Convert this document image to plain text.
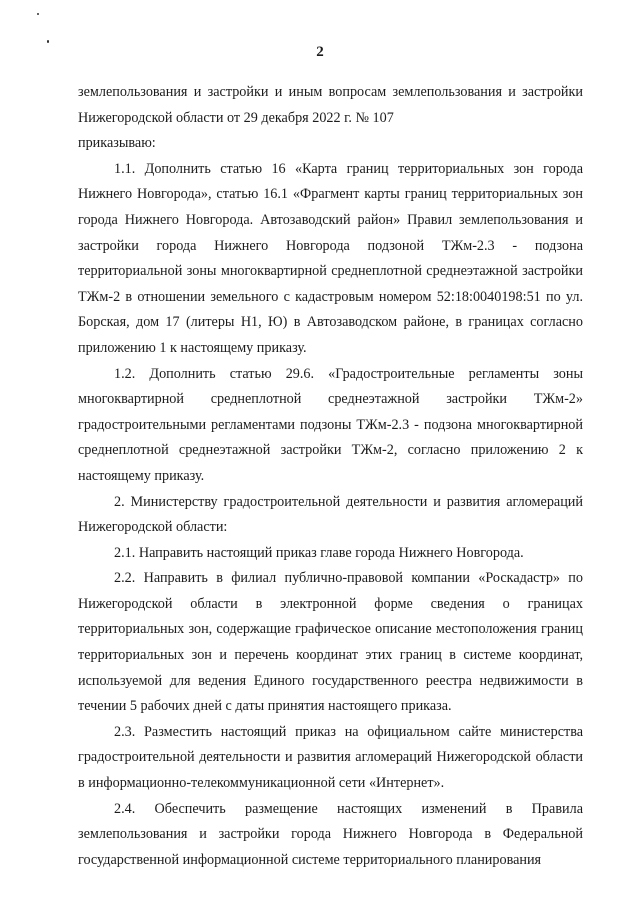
2

землепользования и застройки и иным вопросам землепользования и застройки Нижегородской области от 29 декабря 2022 г. № 107

приказываю:

1.1. Дополнить статью 16 «Карта границ территориальных зон города Нижнего Новгорода», статью 16.1 «Фрагмент карты границ территориальных зон города Нижнего Новгорода. Автозаводский район» Правил землепользования и застройки города Нижнего Новгорода подзоной ТЖм-2.3 - подзона территориальной зоны многоквартирной среднеплотной среднеэтажной застройки ТЖм-2 в отношении земельного с кадастровым номером 52:18:0040198:51 по ул. Борская, дом 17 (литеры Н1, Ю) в Автозаводском районе, в границах согласно приложению 1 к настоящему приказу.

1.2. Дополнить статью 29.6. «Градостроительные регламенты зоны многоквартирной среднеплотной среднеэтажной застройки ТЖм-2» градостроительными регламентами подзоны ТЖм-2.3 - подзона многоквартирной среднеплотной среднеэтажной застройки ТЖм-2, согласно приложению 2 к настоящему приказу.

2. Министерству градостроительной деятельности и развития агломераций Нижегородской области:

2.1. Направить настоящий приказ главе города Нижнего Новгорода.

2.2. Направить в филиал публично-правовой компании «Роскадастр» по Нижегородской области в электронной форме сведения о границах территориальных зон, содержащие графическое описание местоположения границ территориальных зон и перечень координат этих границ в системе координат, используемой для ведения Единого государственного реестра недвижимости в течении 5 рабочих дней с даты принятия настоящего приказа.

2.3. Разместить настоящий приказ на официальном сайте министерства градостроительной деятельности и развития агломераций Нижегородской области в информационно-телекоммуникационной сети «Интернет».

2.4. Обеспечить размещение настоящих изменений в Правила землепользования и застройки города Нижнего Новгорода в Федеральной государственной информационной системе территориального планирования
